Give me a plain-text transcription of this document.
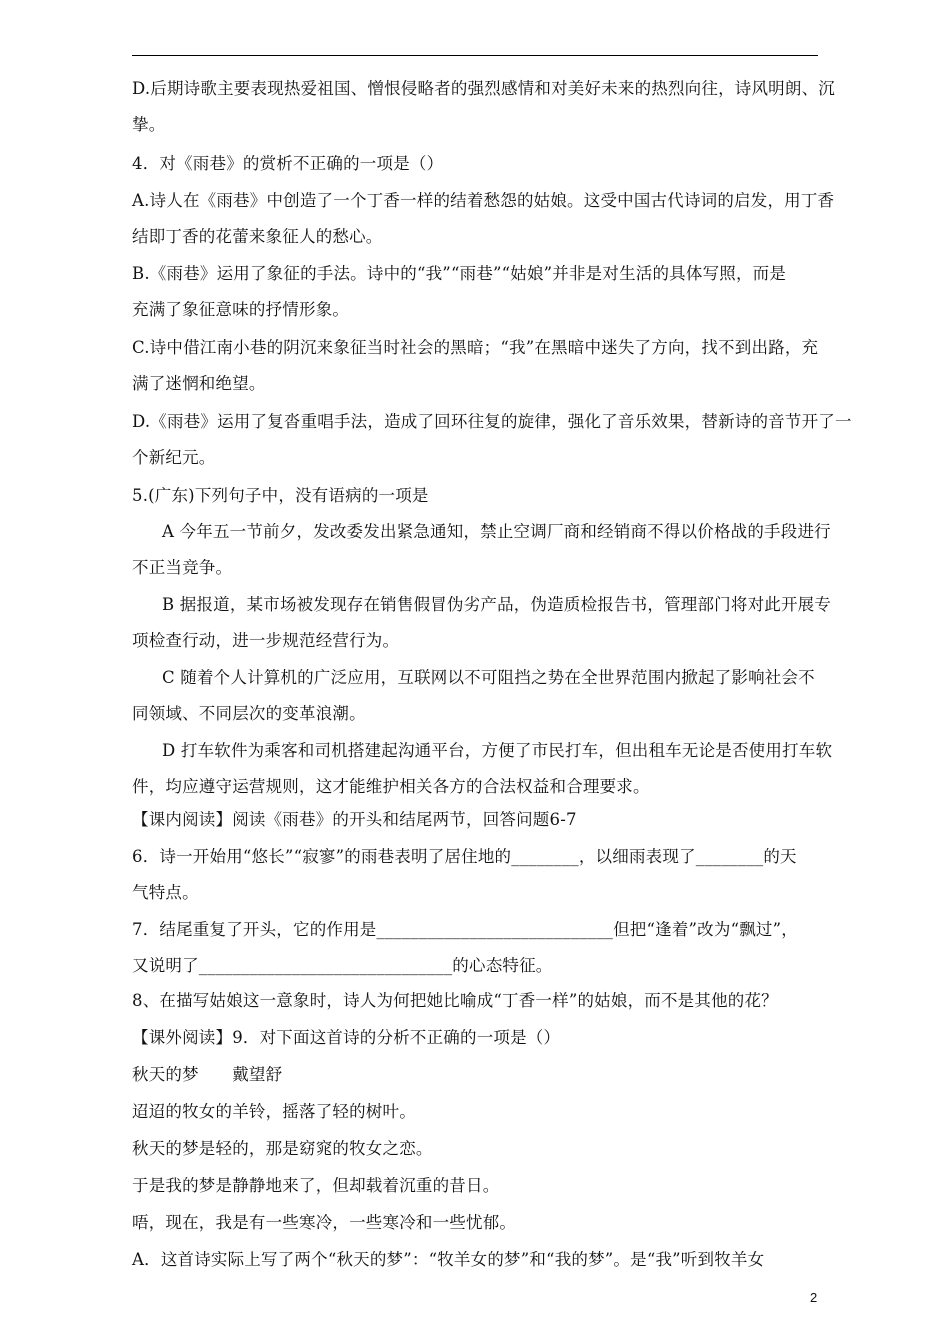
D.后期诗歌主要表现热爱祖国、憎恨侵略者的强烈感情和对美好未来的热烈向往，诗风明朗、沉
挚。
4．对《雨巷》的赏析不正确的一项是（）
A.诗人在《雨巷》中创造了一个丁香一样的结着愁怨的姑娘。这受中国古代诗词的启发，用丁香
结即丁香的花蕾来象征人的愁心。
B.《雨巷》运用了象征的手法。诗中的“我”“雨巷”“姑娘”并非是对生活的具体写照，而是
充满了象征意味的抒情形象。
C.诗中借江南小巷的阴沉来象征当时社会的黑暗；“我”在黑暗中迷失了方向，找不到出路，充
满了迷惘和绝望。
D.《雨巷》运用了复沓重唱手法，造成了回环往复的旋律，强化了音乐效果，替新诗的音节开了一
个新纪元。
5.(广东)下列句子中，没有语病的一项是
A 今年五一节前夕，发改委发出紧急通知，禁止空调厂商和经销商不得以价格战的手段进行
不正当竞争。
B 据报道，某市场被发现存在销售假冒伪劣产品，伪造质检报告书，管理部门将对此开展专
项检查行动，进一步规范经营行为。
C 随着个人计算机的广泛应用，互联网以不可阻挡之势在全世界范围内掀起了影响社会不
同领域、不同层次的变革浪潮。
D 打车软件为乘客和司机搭建起沟通平台，方便了市民打车，但出租车无论是否使用打车软
件，均应遵守运营规则，这才能维护相关各方的合法权益和合理要求。
【课内阅读】阅读《雨巷》的开头和结尾两节，回答问题6-7
6．诗一开始用“悠长”“寂寥”的雨巷表明了居住地的________，以细雨表现了________的天
气特点。
7．结尾重复了开头，它的作用是____________________________但把“逢着”改为“飘过”，
又说明了______________________________的心态特征。
8、在描写姑娘这一意象时，诗人为何把她比喻成“丁香一样”的姑娘，而不是其他的花？
【课外阅读】9．对下面这首诗的分析不正确的一项是（）
秋天的梦　　戴望舒
迢迢的牧女的羊铃，摇落了轻的树叶。
秋天的梦是轻的，那是窈窕的牧女之恋。
于是我的梦是静静地来了，但却载着沉重的昔日。
唔，现在，我是有一些寒冷，一些寒冷和一些忧郁。
A．这首诗实际上写了两个“秋天的梦”：“牧羊女的梦”和“我的梦”。是“我”听到牧羊女
2
